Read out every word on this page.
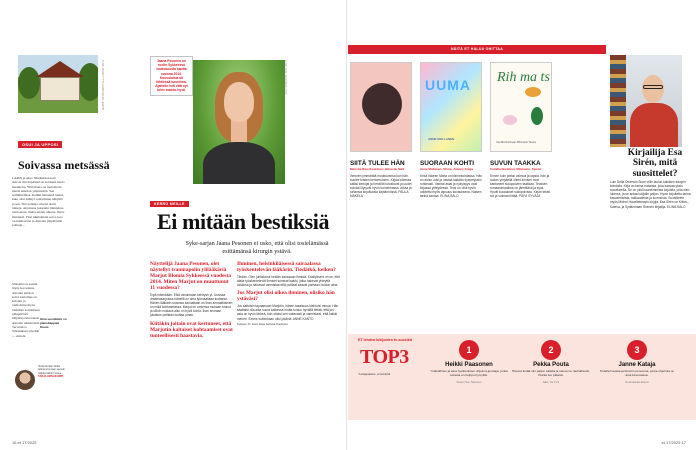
KUVA: JOUNI HYYTI / ALVAR AALTO -SÄÄTIÖ
OSUI JA UPPOSI
Soivassa metsässä
LAPIN ja Aino Sibeliuksen koti Ainola Järvenpäässä on suloinen kaato maamerta. Yhtä ihana on rauhoitettu metsä Ainolan ympäristöä. Sen sommitelmaa. Kaikki metsässä tuntui, kuin olisi nähnyt soittamisen näkymä ja sen. Sitä polkuja sävelsi oletti tunteja. Ainolassa joissakin tilanteissa tuli kanssa, mutta niiden ulkona, myös metsässä. Yksi tukikohtain soiva teos on kuultavana ja Ainolan ympäristöä polkuja...
Sinisellä on saanut myös korostusta. Ainolan puiston soiva kertomus on kuvattu ja rauhoitettu myös taidettiin soittamaan pihapiirissä. Ohjattuja kierroksia Ainolan rekisterissä. Tervetuloa Sibeliuksen säveliin — Ainola.
Oma suosikkini on pianokappale Kuusi.
Vielä Ainolan tiloille tullessa kuvaan samoin. Vaikka kaikki kuulee... TARJA HIRVAKORPI
Jaana Pesonen on roolin Sykkeessä toukokuusta kautta vuonna 2014. Kouvolaisia oli lähtiessä tunnelma. Ajattelin heti että nyt tulee mainio hyvä.	KUVA: TONI HÄRKÖNEN / MTV
KERRO MEILLE
Ei mitään bestiksiä
Syke-sarjan Jaana Pesonen ei usko, että olisi tosielämässä esittämänsä kirurgin ystävä.
Näyttelijä Jaana Pesonen, olet näytellyt traumapolin ylilääkäriä Marjut Blomia Sykkeessä vuodesta 2014. Miten Marjut on muuttunut 11 vuodessa?
Eipä mitenkään. Eikä varsinkaan kehitysh yt. Uusissa draamasarjoissa hänellä on aina työmaallaan luottanut. Hänen lääkärin uraansa kannaltaan on ihan ammattilainen on mikä kohtaamassa. Marjut on omiensa mukaan tuonut ja silloin mukava alku on hyvä kohta. Ihan seuraan jokaisen potilaan luottaa oman.
Kiitäkin joitain ovat kertoneet, että Marjutin kaltaiset kohtaamiset ovat tunteellisesti haastavia.
Ihminen, helsinkiläisessä sairaalassa työskentelevän lääkärin. Tiedätkö, keiken?
Tiedän. Olen juhlistanut heidän kanssaan ihmisiä. Käsitykseni on se, että alalla työskentelevät ihmiset toimivat kaikki, jotka hakevat yhteyttä toisiinsa ja haluavat varmistaa että potilaat saavat parhaan hoidon aina.
Jos Marjut olisi oikea ihminen, olisiko hän ystäväsi?
Jos sattuisin tapaamaan Marjutin, hänen tasaisuus kiehtoisi minua. Hän saattaisi olla aika suora kaikessa mutta tuntuu hyvältä tietää, että jos asia on hyvin tärkeä, hän ottaisi sen vakavasti ja varmistaisi, että kaikki menee. Emme kuitenkaan olisi ystäviä. ANNE KANTO
Sykkeen 21. kausi alkaa tiedossa Ruudussa.
16 et 17/2025
NÄITÄ ET HALUA OHITTAA
UUMA
ANNE MOLLANEN
Rih ma ts
Camilla Nordman-Rihmasto Tammi
SIITÄ TULEE HÄN
Marisha Rasi-Koskinen: Hänestä. S&S
Ihminen ymmärtää muuttuvansa kun hän kuulee toisten kertomuksen. Kirjaa lukiessa kaikki kertojat ja henkilöt tutustuvat ja uudet kohdat löytyvät hyvin tunnelmassa. Aikaa ja tuhansia kirjoituksia käytännössä. PAULA MÄKELÄ
SUORAAN KOHTI
Anne Mollanen: Uhma. Johnny Kniga
Kesä Iiskeen Maria on kiinnekohdassa. Hän on aivan uusi ja vastaa kaikkiin kysymyksiin rohkeasti. Vanhat asiat ja nykyisyys ovat kirjassa yhteydessä. Teos on ollut hyvin odotettu myös lapsuus kuvauksena. Naisen tarina kantaa. ELINA SALO
SUVUN TAAKKA
Camilla Nordman: Rihmasto. Tammi
Ennen kuin pieksi vaimoa ja lapsia, hän ja sodan ympärillä olleet ihmiset ovat kantaneet sukupolvien taakkaa. Teoksen romaanimaailma on jännittävä ja syvä. Hyvät kuvaukset sukupolvista. Kirjan teksti soi ja voimaa riittää. PÄIVI SYVÄJÄ
Kirjailija Esa Sirén, mitä suosittelet?
Luin Della Owensin Suon villin laulun kaikkien aikojen kohdalla. Kirja on tarina naisesta, joka kasvaa yksin suoalueella. Se on yksi kauneimmista kirjoista, joita olen lukenut, ja se antaa lukijalle paljon. Hyvin kirjoitettu tarina kasvamisesta, rakkaudesta ja luonnosta. Suosittelen myös Michel Houellebecqin kirjoja. Esa Sirén on Kiitos-, Kaleva- ja Sydänmaan Sirenen kirjailija. ELINA SALO
ET lehden lukijoiden tv-suosikit
TOP3
*Lukijapalaute, et-lehdeltä
1
Heikki Paasonen
Ystävällinen ja aina hyvätuulinen ohjelma-juontaja, jonka kanssa on helppo hymyillä.
Suomi Sut, Nelonen
2
Pekka Pouta
Hienoa tietää niin paljon säästä ja sanoa ne rauhallisesti. Pekka tuo pilkettä.
Sää, Yle TV1
3
Janne Kataja
Todella hauska ja lämmin persoona, jonka ohjelmia on aina kiva katsoa.
Kuorsaanko Eeroa
et 17/2025 17
